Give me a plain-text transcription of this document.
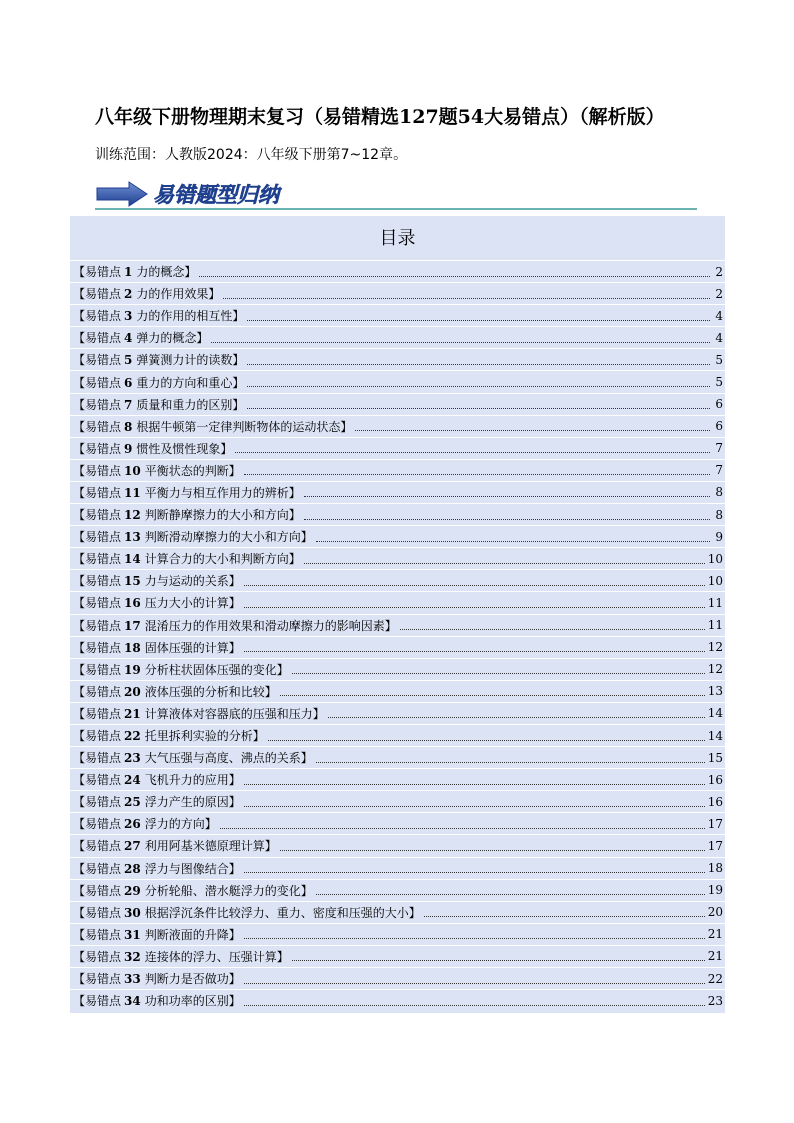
八年级下册物理期末复习（易错精选127题54大易错点）（解析版）
训练范围：人教版2024：八年级下册第7~12章。
易错题型归纳
目录
【 易错点 1 力的概念 】	2
【 易错点 2 力的作用效果 】	2
【 易错点 3 力的作用的相互性 】	4
【 易错点 4 弹力的概念 】	4
【 易错点 5 弹簧测力计的读数 】	5
【 易错点 6 重力的方向和重心 】	5
【 易错点 7 质量和重力的区别 】	6
【 易错点 8 根据牛顿第一定律判断物体的运动状态 】	6
【 易错点 9 惯性及惯性现象 】	7
【 易错点 10 平衡状态的判断 】	7
【 易错点 11 平衡力与相互作用力的辨析 】	8
【 易错点 12 判断静摩擦力的大小和方向 】	8
【 易错点 13 判断滑动摩擦力的大小和方向 】	9
【 易错点 14 计算合力的大小和判断方向 】	10
【 易错点 15 力与运动的关系 】	10
【 易错点 16 压力大小的计算 】	11
【 易错点 17 混淆压力的作用效果和滑动摩擦力的影响因素 】	11
【 易错点 18 固体压强的计算 】	12
【 易错点 19 分析柱状固体压强的变化 】	12
【 易错点 20 液体压强的分析和比较 】	13
【 易错点 21 计算液体对容器底的压强和压力 】	14
【 易错点 22 托里拆利实验的分析 】	14
【 易错点 23 大气压强与高度、沸点的关系 】	15
【 易错点 24 飞机升力的应用 】	16
【 易错点 25 浮力产生的原因 】	16
【 易错点 26 浮力的方向 】	17
【 易错点 27 利用阿基米德原理计算 】	17
【 易错点 28 浮力与图像结合 】	18
【 易错点 29 分析轮船、潜水艇浮力的变化 】	19
【 易错点 30 根据浮沉条件比较浮力、重力、密度和压强的大小 】	20
【 易错点 31 判断液面的升降 】	21
【 易错点 32 连接体的浮力、压强计算 】	21
【 易错点 33 判断力是否做功 】	22
【 易错点 34 功和功率的区别 】	23
